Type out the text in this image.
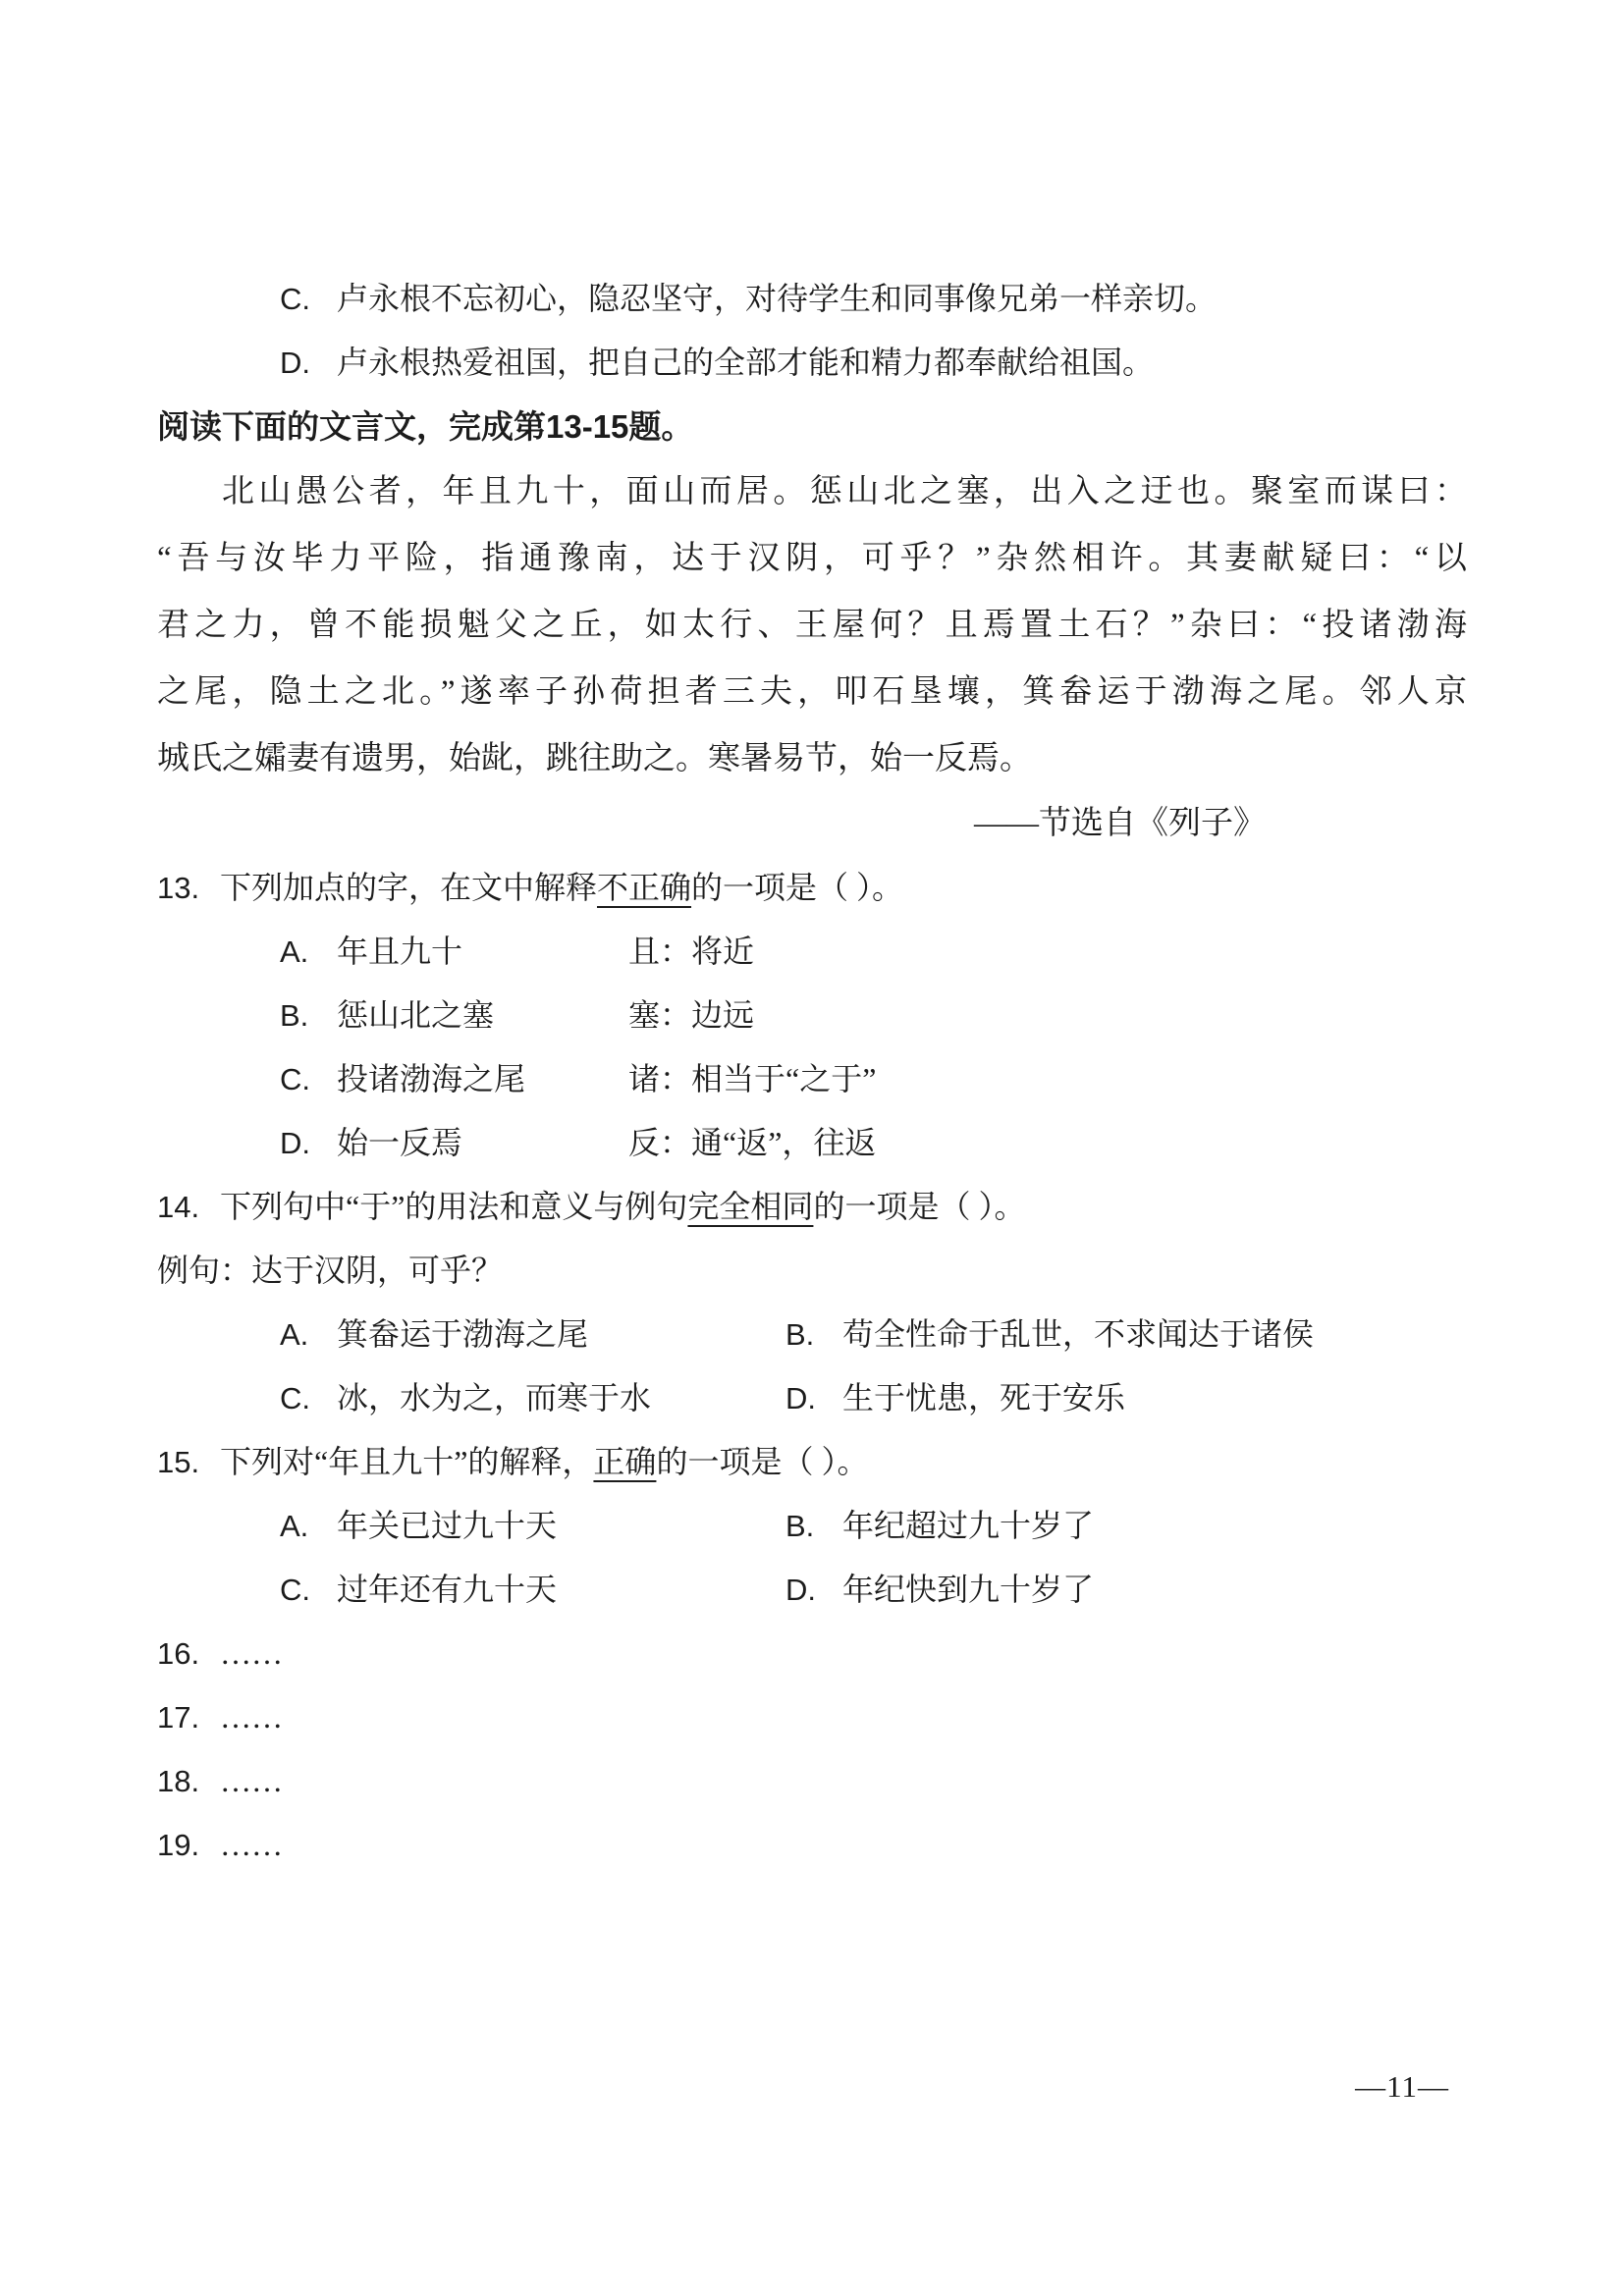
C. 卢永根不忘初心，隐忍坚守，对待学生和同事像兄弟一样亲切。
D. 卢永根热爱祖国，把自己的全部才能和精力都奉献给祖国。
阅读下面的文言文，完成第13-15题。
北山愚公者，年且九十，面山而居。惩山北之塞，出入之迂也。聚室而谋曰：
“吾与汝毕力平险，指通豫南，达于汉阴，可乎？”杂然相许。其妻献疑曰：“以
君之力，曾不能损魁父之丘，如太行、王屋何？且焉置土石？”杂曰：“投诸渤海
之尾，隐土之北。”遂率子孙荷担者三夫，叩石垦壤，箕畚运于渤海之尾。邻人京
城氏之孀妻有遗男，始龀，跳往助之。寒暑易节，始一反焉。
——节选自《列子》
13. 下列加点的字，在文中解释不正确的一项是（ ）。
A. 年且九十	且：将近
B. 惩山北之塞	塞：边远
C. 投诸渤海之尾	诸：相当于“之于”
D. 始一反焉	反：通“返”，往返
14. 下列句中“于”的用法和意义与例句完全相同的一项是（ ）。
例句：达于汉阴，可乎？
A. 箕畚运于渤海之尾	B. 苟全性命于乱世，不求闻达于诸侯
C. 冰，水为之，而寒于水	D. 生于忧患，死于安乐
15. 下列对“年且九十”的解释，正确的一项是（ ）。
A. 年关已过九十天	B. 年纪超过九十岁了
C. 过年还有九十天	D. 年纪快到九十岁了
16. ……
17. ……
18. ……
19. ……
—11—
